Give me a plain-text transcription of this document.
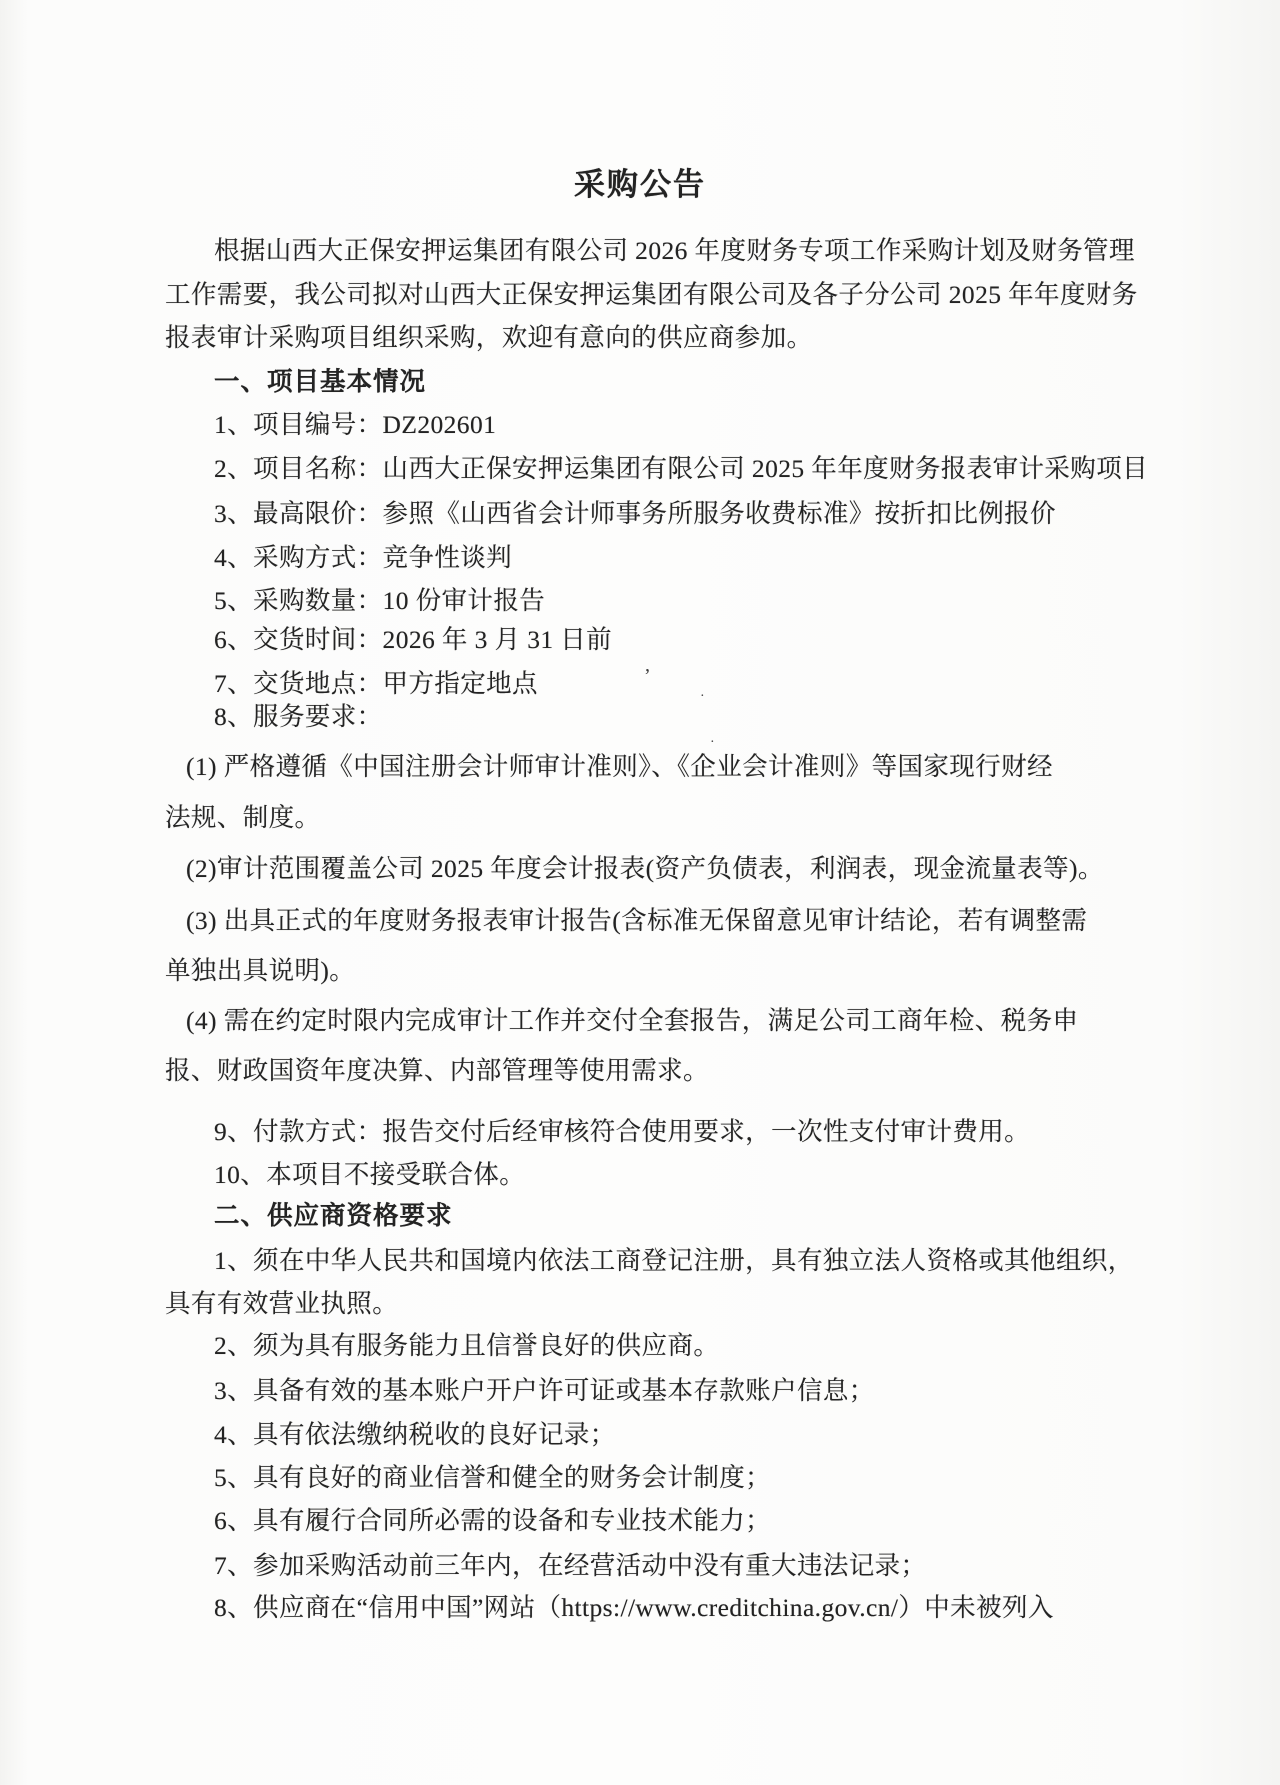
采购公告
根据山西大正保安押运集团有限公司 2026 年度财务专项工作采购计划及财务管理
工作需要，我公司拟对山西大正保安押运集团有限公司及各子分公司 2025 年年度财务
报表审计采购项目组织采购，欢迎有意向的供应商参加。
一、项目基本情况
1、项目编号：DZ202601
2、项目名称：山西大正保安押运集团有限公司 2025 年年度财务报表审计采购项目
3、最高限价：参照《山西省会计师事务所服务收费标准》按折扣比例报价
4、采购方式：竞争性谈判
5、采购数量：10 份审计报告
6、交货时间：2026 年 3 月 31 日前
7、交货地点：甲方指定地点
8、服务要求：
(1) 严格遵循《中国注册会计师审计准则》、《企业会计准则》等国家现行财经
法规、制度。
(2)审计范围覆盖公司 2025 年度会计报表(资产负债表，利润表，现金流量表等)。
(3) 出具正式的年度财务报表审计报告(含标准无保留意见审计结论，若有调整需
单独出具说明)。
(4) 需在约定时限内完成审计工作并交付全套报告，满足公司工商年检、税务申
报、财政国资年度决算、内部管理等使用需求。
9、付款方式：报告交付后经审核符合使用要求，一次性支付审计费用。
10、本项目不接受联合体。
二、供应商资格要求
1、须在中华人民共和国境内依法工商登记注册，具有独立法人资格或其他组织，
具有有效营业执照。
2、须为具有服务能力且信誉良好的供应商。
3、具备有效的基本账户开户许可证或基本存款账户信息；
4、具有依法缴纳税收的良好记录；
5、具有良好的商业信誉和健全的财务会计制度；
6、具有履行合同所必需的设备和专业技术能力；
7、参加采购活动前三年内，在经营活动中没有重大违法记录；
8、供应商在“信用中国”网站（https://www.creditchina.gov.cn/）中未被列入
’
·
·
